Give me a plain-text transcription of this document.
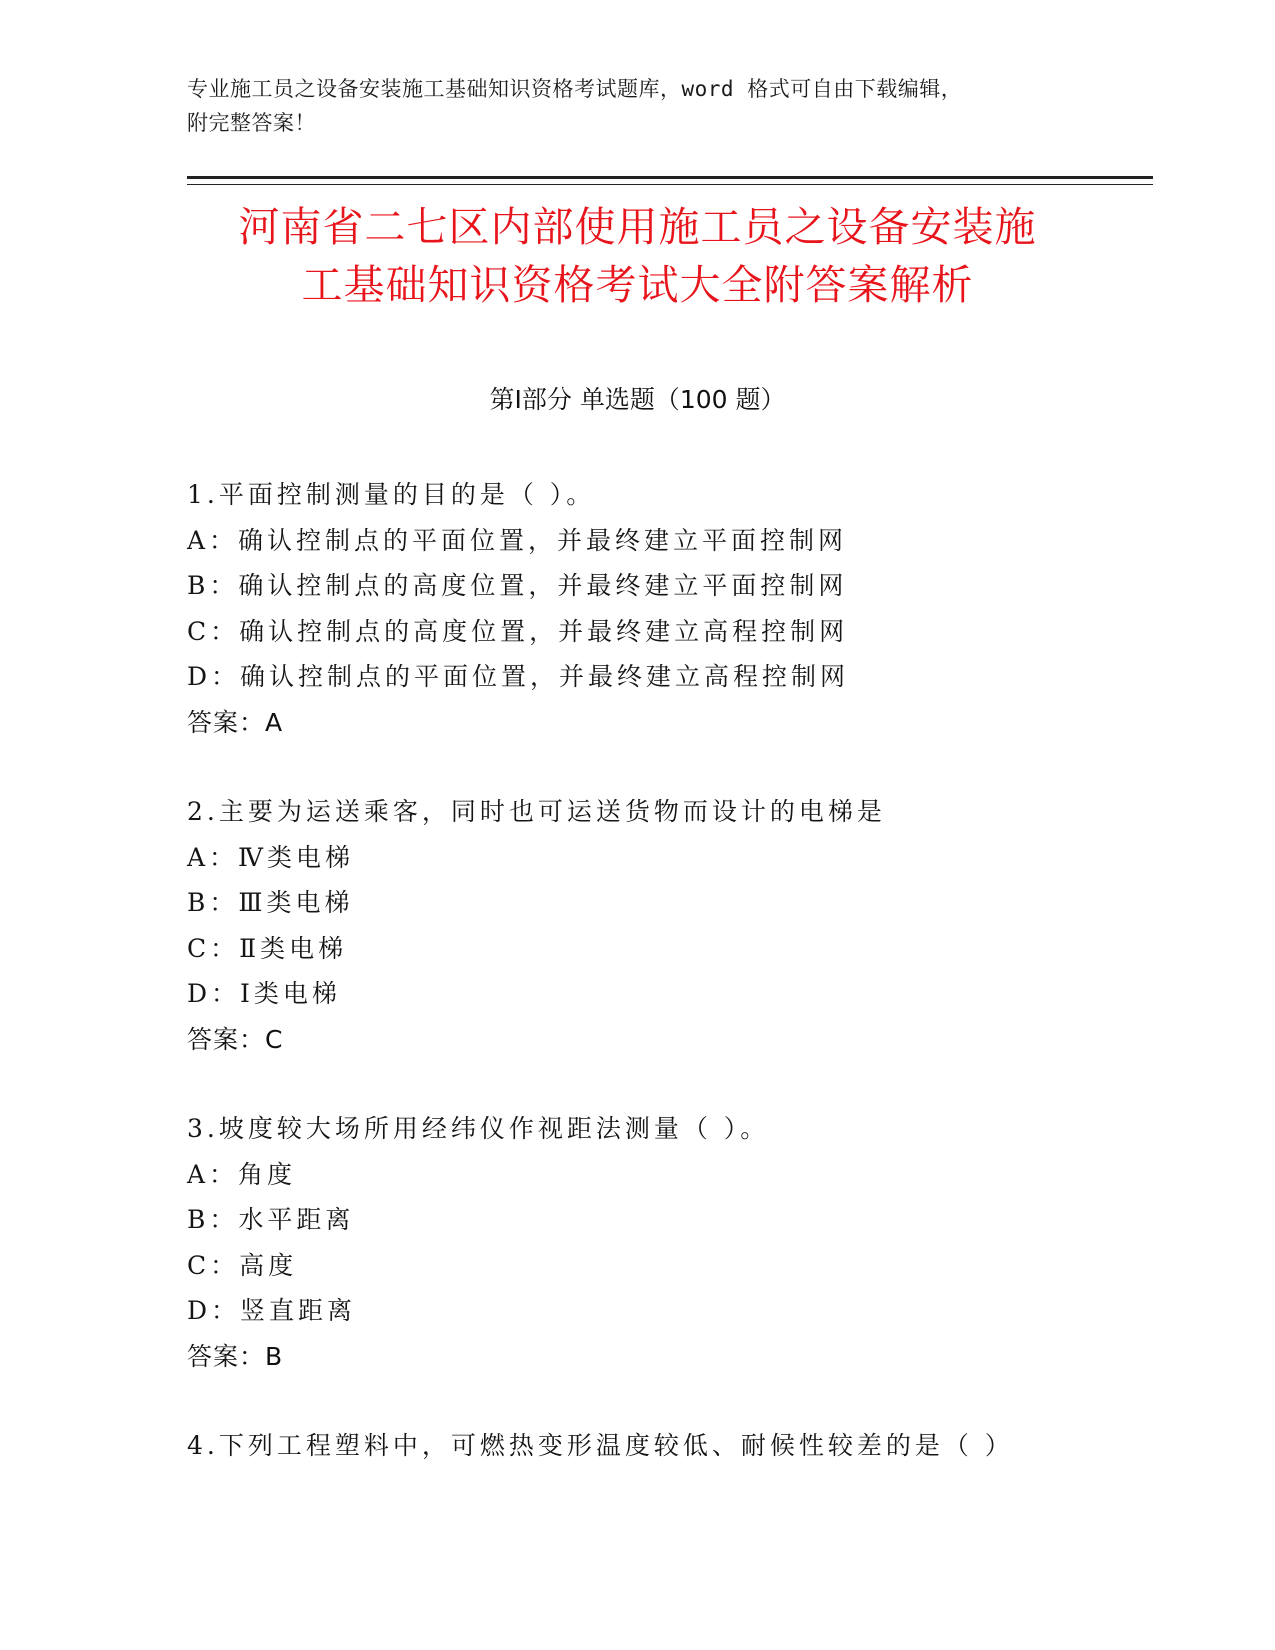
专业施工员之设备安装施工基础知识资格考试题库，word 格式可自由下载编辑，
附完整答案！
河南省二七区内部使用施工员之设备安装施
工基础知识资格考试大全附答案解析
第Ⅰ部分 单选题（100 题）
1.平面控制测量的目的是（ ）。
A：确认控制点的平面位置，并最终建立平面控制网
B：确认控制点的高度位置，并最终建立平面控制网
C：确认控制点的高度位置，并最终建立高程控制网
D：确认控制点的平面位置，并最终建立高程控制网
答案：A
2.主要为运送乘客，同时也可运送货物而设计的电梯是
A：Ⅳ类电梯
B：Ⅲ类电梯
C：Ⅱ类电梯
D：Ⅰ类电梯
答案：C
3.坡度较大场所用经纬仪作视距法测量（ ）。
A：角度
B：水平距离
C：高度
D：竖直距离
答案：B
4.下列工程塑料中，可燃热变形温度较低、耐候性较差的是（ ）
